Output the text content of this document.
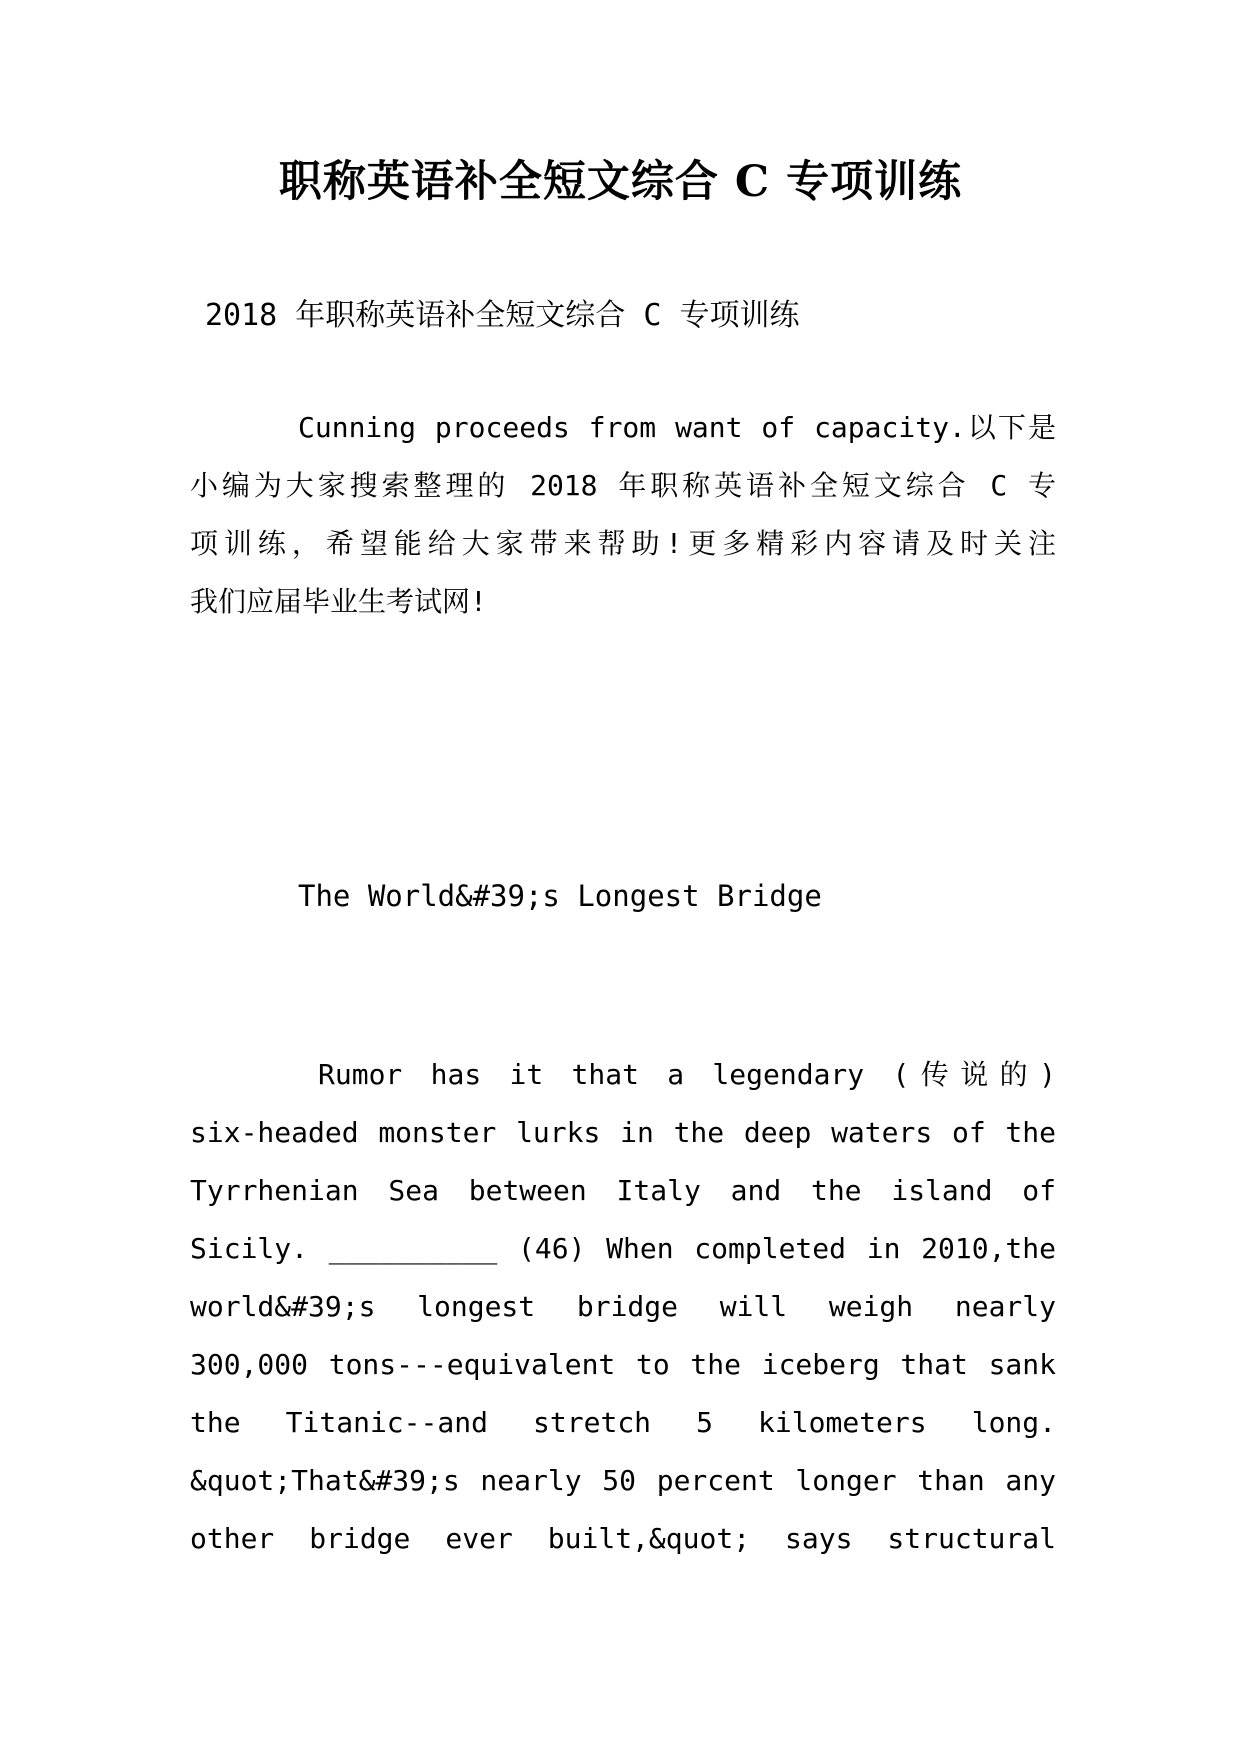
职称英语补全短文综合 C 专项训练
2018 年职称英语补全短文综合 C 专项训练
Cunning proceeds from want of capacity.以下是
小编为大家搜索整理的 2018 年职称英语补全短文综合 C 专
项训练，希望能给大家带来帮助!更多精彩内容请及时关注
我们应届毕业生考试网!
The World&#39;s Longest Bridge
Rumor has it that a legendary (传说的)
six-headed monster lurks in the deep waters of the
Tyrrhenian Sea between Italy and the island of
Sicily. __________ (46) When completed in 2010,the
world&#39;s longest bridge will weigh nearly
300,000 tons---equivalent to the iceberg that sank
the Titanic--and stretch 5 kilometers long.
&quot;That&#39;s nearly 50 percent longer than any
other bridge ever built,&quot; says structural
